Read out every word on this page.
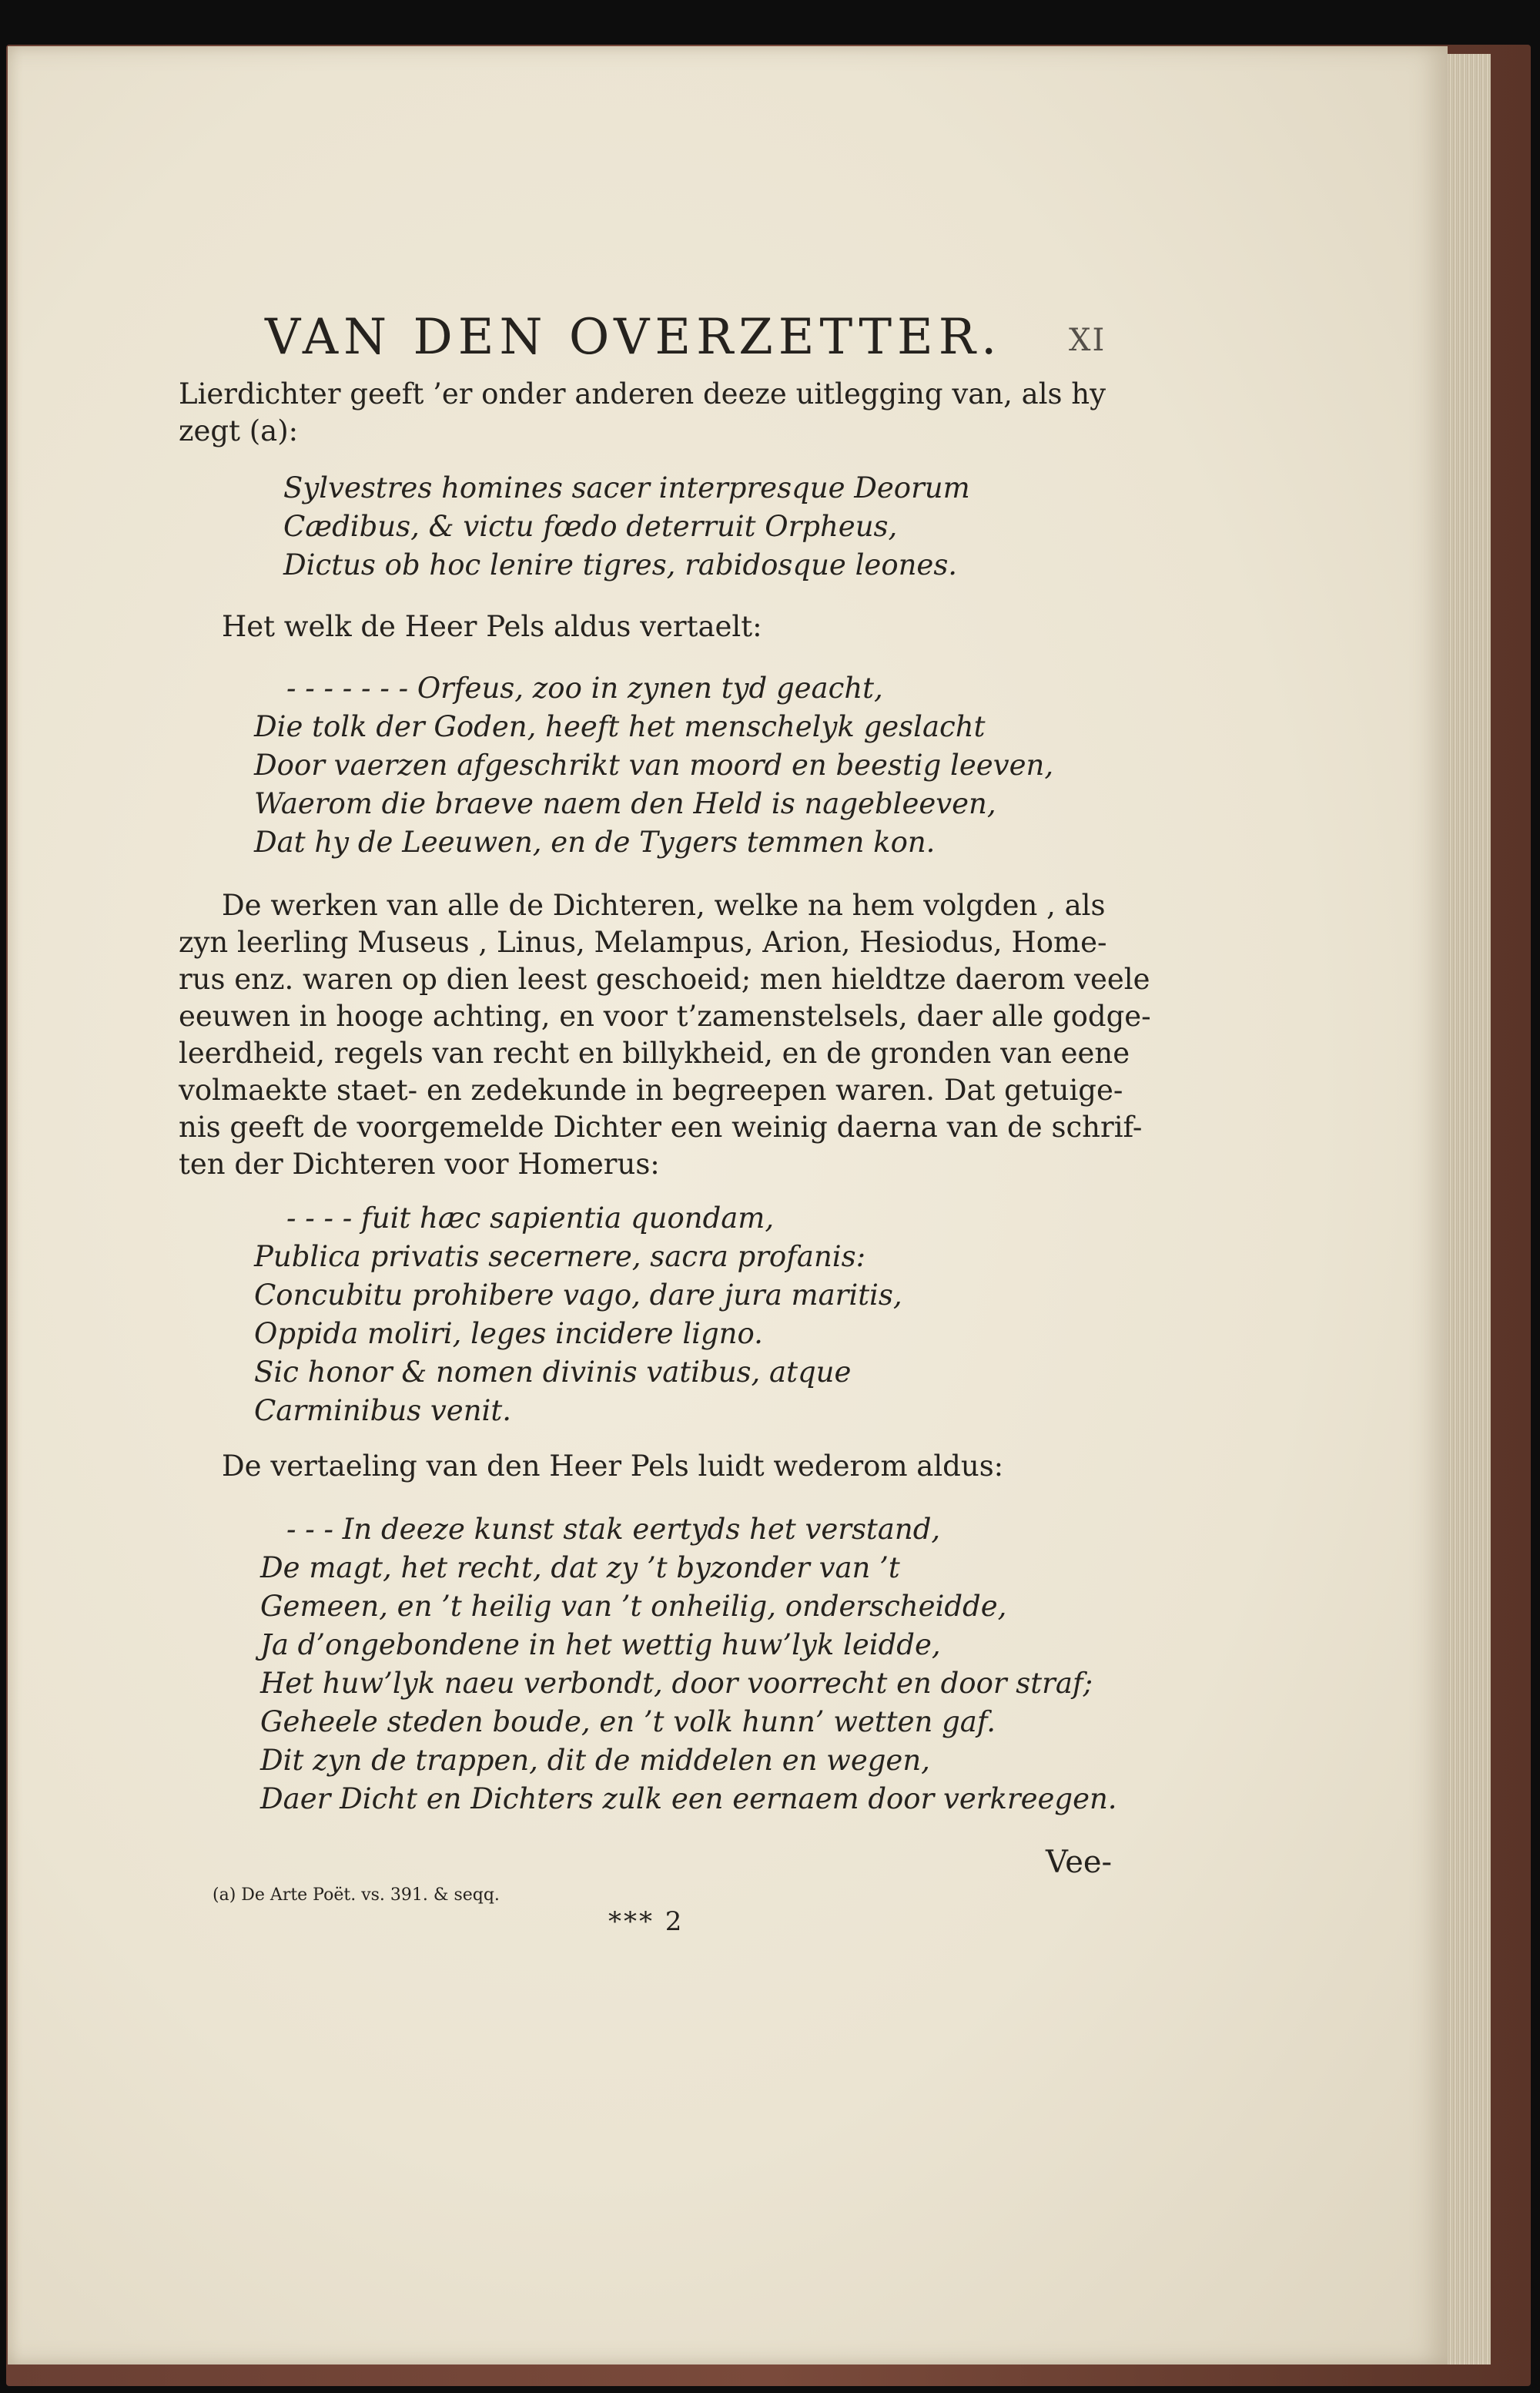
VAN DEN OVERZETTER. XI
Lierdichter geeft ’er onder anderen deeze uitlegging van, als hy
zegt (a):
Sylvestres homines sacer interpresque Deorum
Cædibus, & victu fœdo deterruit Orpheus,
Dictus ob hoc lenire tigres, rabidosque leones.
Het welk de Heer Pels aldus vertaelt:
- - - - - - - Orfeus, zoo in zynen tyd geacht,
Die tolk der Goden, heeft het menschelyk geslacht
Door vaerzen afgeschrikt van moord en beestig leeven,
Waerom die braeve naem den Held is nagebleeven,
Dat hy de Leeuwen, en de Tygers temmen kon.
De werken van alle de Dichteren, welke na hem volgden , als
zyn leerling Museus , Linus, Melampus, Arion, Hesiodus, Home-
rus enz. waren op dien leest geschoeid; men hieldtze daerom veele
eeuwen in hooge achting, en voor t’zamenstelsels, daer alle godge-
leerdheid, regels van recht en billykheid, en de gronden van eene
volmaekte staet- en zedekunde in begreepen waren. Dat getuige-
nis geeft de voorgemelde Dichter een weinig daerna van de schrif-
ten der Dichteren voor Homerus:
- - - - fuit hæc sapientia quondam,
Publica privatis secernere, sacra profanis:
Concubitu prohibere vago, dare jura maritis,
Oppida moliri, leges incidere ligno.
Sic honor & nomen divinis vatibus, atque
Carminibus venit.
De vertaeling van den Heer Pels luidt wederom aldus:
- - - In deeze kunst stak eertyds het verstand,
De magt, het recht, dat zy ’t byzonder van ’t
Gemeen, en ’t heilig van ’t onheilig, onderscheidde,
Ja d’ongebondene in het wettig huw’lyk leidde,
Het huw’lyk naeu verbondt, door voorrecht en door straf;
Geheele steden boude, en ’t volk hunn’ wetten gaf.
Dit zyn de trappen, dit de middelen en wegen,
Daer Dicht en Dichters zulk een eernaem door verkreegen.
Vee-
(a) De Arte Poët. vs. 391. & seqq.
*** 2
